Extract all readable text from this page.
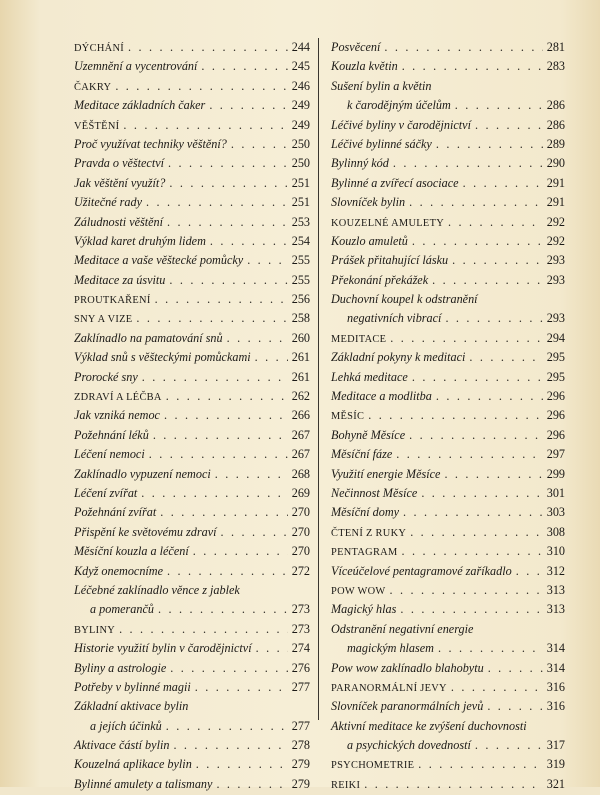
DÝCHÁNÍ . . .	244
Uzemnění a vycentrování . . .	245
ČAKRY . . .	246
Meditace základních čaker . . .	249
VĚŠTĚNÍ . . .	249
Proč využívat techniky věštění? . . .	250
Pravda o věštectví . . .	250
Jak věštění využít? . . .	251
Užitečné rady . . .	251
Záludnosti věštění . . .	253
Výklad karet druhým lidem . . .	254
Meditace a vaše věštecké pomůcky . . .	255
Meditace za úsvitu . . .	255
PROUTKAŘENÍ . . .	256
SNY A VIZE . . .	258
Zaklínadlo na pamatování snů . . .	260
Výklad snů s věšteckými pomůckami . . .	261
Prorocké sny . . .	261
ZDRAVÍ A LÉČBA . . .	262
Jak vzniká nemoc . . .	266
Požehnání léků . . .	267
Léčení nemoci . . .	267
Zaklínadlo vypuzení nemoci . . .	268
Léčení zvířat . . .	269
Požehnání zvířat . . .	270
Přispění ke světovému zdraví . . .	270
Měsíční kouzla a léčení . . .	270
Když onemocníme . . .	272
Léčebné zaklínadlo věnce z jablek
a pomerančů . . .	273
BYLINY . . .	273
Historie využití bylin v čarodějnictví . . .	274
Byliny a astrologie . . .	276
Potřeby v bylinné magii . . .	277
Základní aktivace bylin
a jejích účinků . . .	277
Aktivace částí bylin . . .	278
Kouzelná aplikace bylin . . .	279
Bylinné amulety a talismany . . .	279
Posvěcení . . .	281
Kouzla květin . . .	283
Sušení bylin a květin
k čarodějným účelům . . .	286
Léčivé byliny v čarodějnictví . . .	286
Léčivé bylinné sáčky . . .	289
Bylinný kód . . .	290
Bylinné a zvířecí asociace . . .	291
Slovníček bylin . . .	291
KOUZELNÉ AMULETY . . .	292
Kouzlo amuletů . . .	292
Prášek přitahující lásku . . .	293
Překonání překážek . . .	293
Duchovní koupel k odstranění
negativních vibrací . . .	293
MEDITACE . . .	294
Základní pokyny k meditaci . . .	295
Lehká meditace . . .	295
Meditace a modlitba . . .	296
MĚSÍC . . .	296
Bohyně Měsíce . . .	296
Měsíční fáze . . .	297
Využití energie Měsíce . . .	299
Nečinnost Měsíce . . .	301
Měsíční domy . . .	303
ČTENÍ Z RUKY . . .	308
PENTAGRAM . . .	310
Víceúčelové pentagramové zaříkadlo . . .	312
POW WOW . . .	313
Magický hlas . . .	313
Odstranění negativní energie
magickým hlasem . . .	314
Pow wow zaklínadlo blahobytu . . .	314
PARANORMÁLNÍ JEVY . . .	316
Slovníček paranormálních jevů . . .	316
Aktivní meditace ke zvýšení duchovnosti
a psychických dovedností . . .	317
PSYCHOMETRIE . . .	319
REIKI . . .	321
